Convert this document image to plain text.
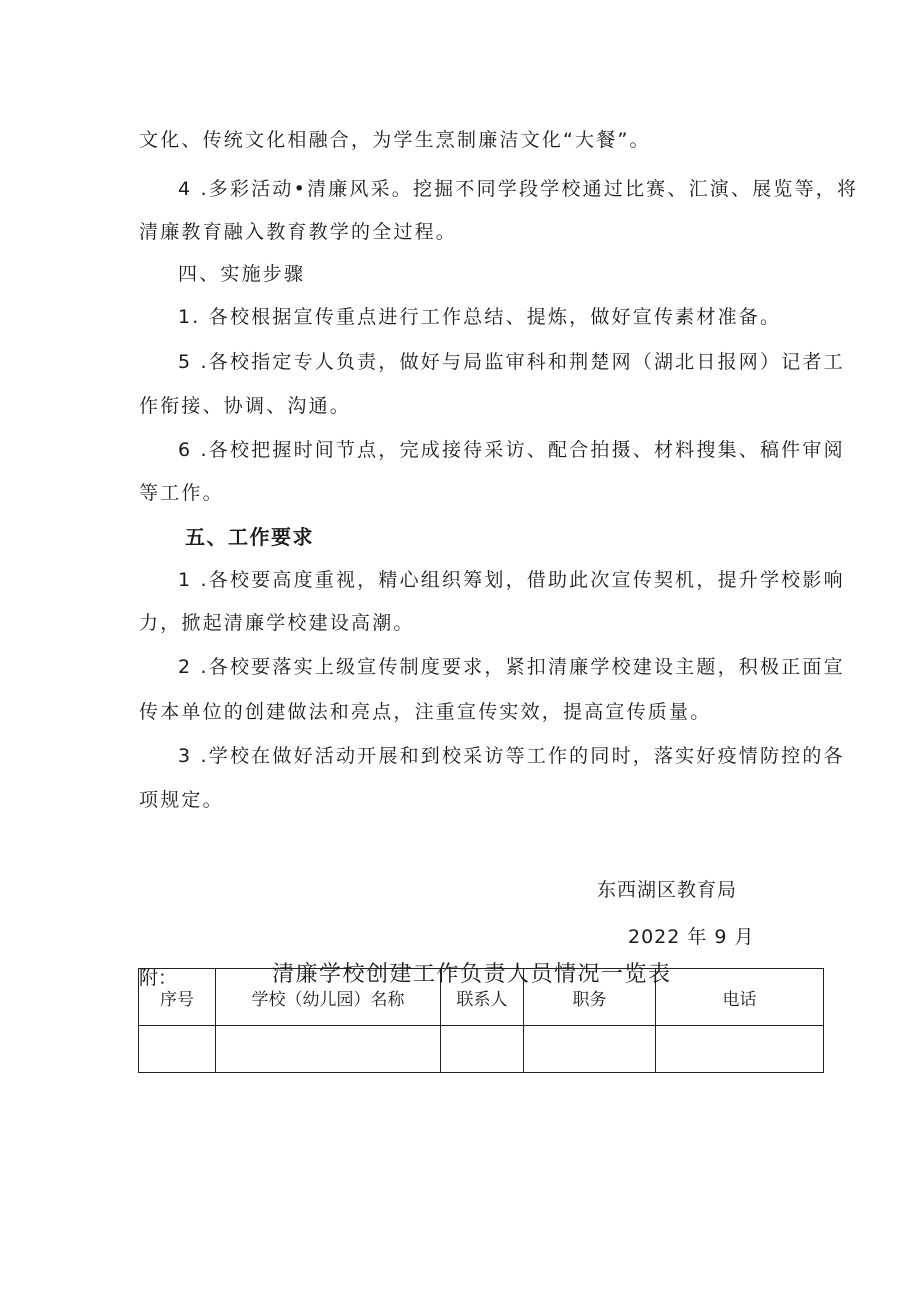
文化、传统文化相融合，为学生烹制廉洁文化“大餐”。
4 .多彩活动•清廉风采。挖掘不同学段学校通过比赛、汇演、展览等，将
清廉教育融入教育教学的全过程。
四、实施步骤
1. 各校根据宣传重点进行工作总结、提炼，做好宣传素材准备。
5 .各校指定专人负责，做好与局监审科和荆楚网（湖北日报网）记者工
作衔接、协调、沟通。
6 .各校把握时间节点，完成接待采访、配合拍摄、材料搜集、稿件审阅
等工作。
五、工作要求
1 .各校要高度重视，精心组织筹划，借助此次宣传契机，提升学校影响
力，掀起清廉学校建设高潮。
2 .各校要落实上级宣传制度要求，紧扣清廉学校建设主题，积极正面宣
传本单位的创建做法和亮点，注重宣传实效，提高宣传质量。
3 .学校在做好活动开展和到校采访等工作的同时，落实好疫情防控的各
项规定。
东西湖区教育局
2022 年 9 月
附：	清廉学校创建工作负责人员情况一览表
序号	学校（幼儿园）名称	联系人	职务	电话
